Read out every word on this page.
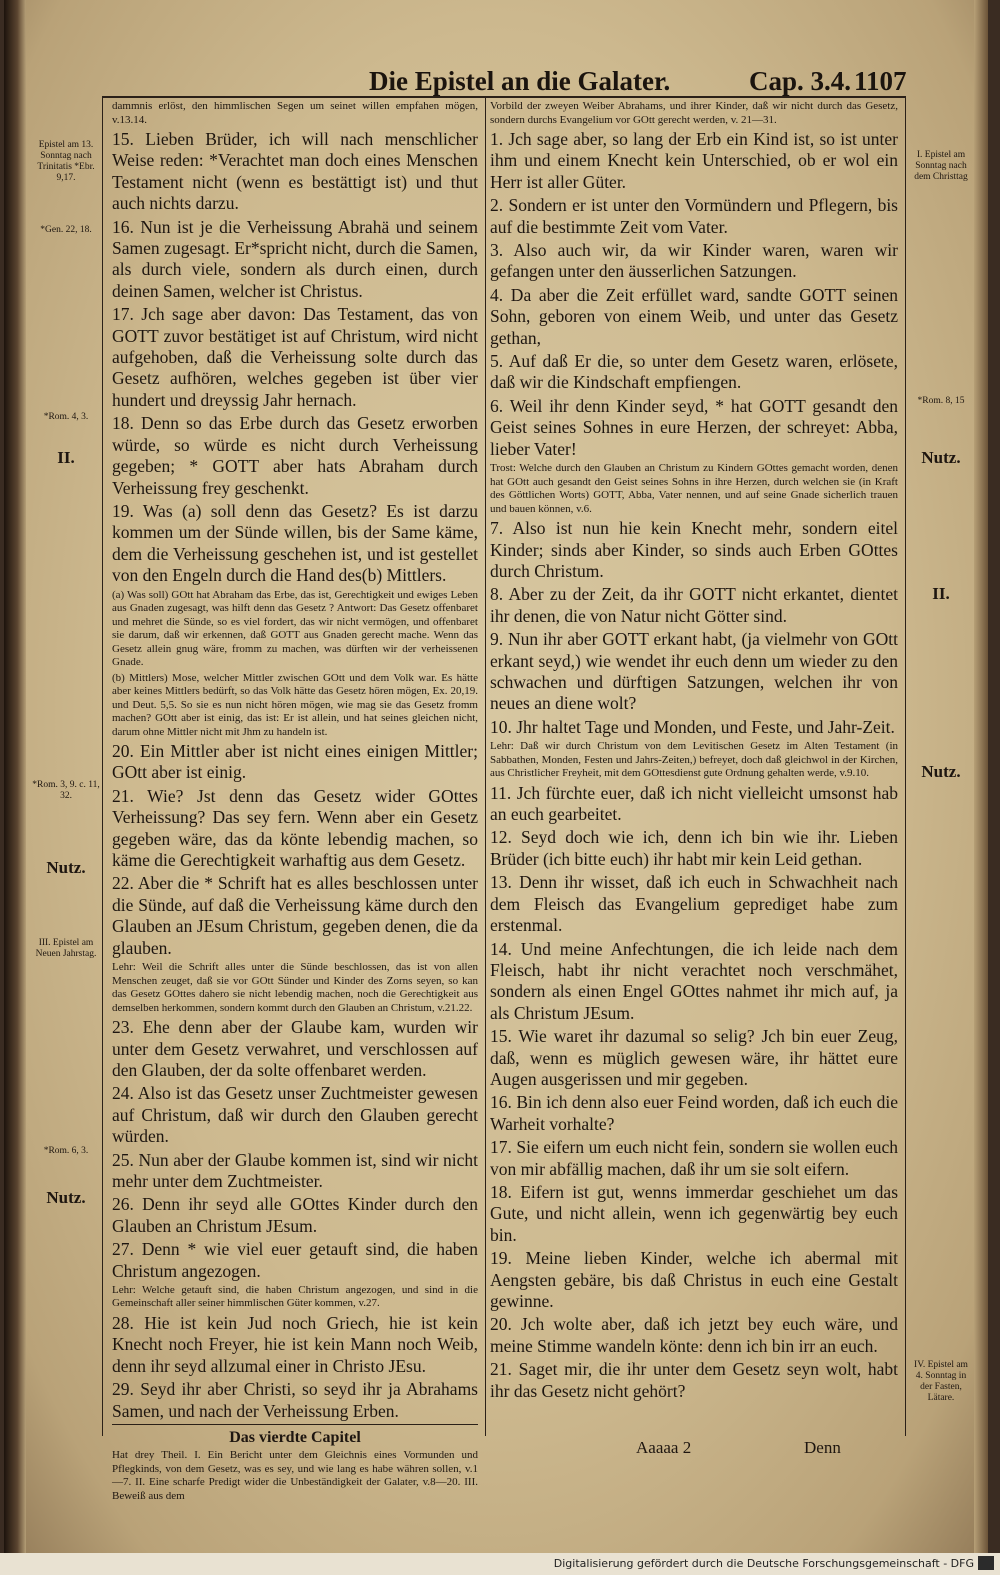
Die Epistel an die Galater.	Cap. 3.4. 1107

dammnis erlöst, den himmlischen Segen um seinet willen empfahen mögen, v.13.14.

15. Lieben Brüder, ich will nach menschlicher Weise reden: *Verachtet man doch eines Menschen Testament nicht (wenn es bestättigt ist) und thut auch nichts darzu.

16. Nun ist je die Verheissung Abrahä und seinem Samen zugesagt. Er*spricht nicht, durch die Samen, als durch viele, sondern als durch einen, durch deinen Samen, welcher ist Christus.

17. Jch sage aber davon: Das Testament, das von GOTT zuvor bestätiget ist auf Christum, wird nicht aufgehoben, daß die Verheissung solte durch das Gesetz aufhören, welches gegeben ist über vier hundert und dreyssig Jahr hernach.

18. Denn so das Erbe durch das Gesetz erworben würde, so würde es nicht durch Verheissung gegeben; * GOTT aber hats Abraham durch Verheissung frey geschenkt.

19. Was (a) soll denn das Gesetz? Es ist darzu kommen um der Sünde willen, bis der Same käme, dem die Verheissung geschehen ist, und ist gestellet von den Engeln durch die Hand des(b) Mittlers.

(a) Was soll) GOtt hat Abraham das Erbe, das ist, Gerechtigkeit und ewiges Leben aus Gnaden zugesagt, was hilft denn das Gesetz ? Antwort: Das Gesetz offenbaret und mehret die Sünde, so es viel fordert, das wir nicht vermögen, und offenbaret sie darum, daß wir erkennen, daß GOTT aus Gnaden gerecht mache. Wenn das Gesetz allein gnug wäre, fromm zu machen, was dürften wir der verheissenen Gnade.

(b) Mittlers) Mose, welcher Mittler zwischen GOtt und dem Volk war. Es hätte aber keines Mittlers bedürft, so das Volk hätte das Gesetz hören mögen, Ex. 20,19. und Deut. 5,5. So sie es nun nicht hören mögen, wie mag sie das Gesetz fromm machen? GOtt aber ist einig, das ist: Er ist allein, und hat seines gleichen nicht, darum ohne Mittler nicht mit Jhm zu handeln ist.

20. Ein Mittler aber ist nicht eines einigen Mittler; GOtt aber ist einig.

21. Wie? Jst denn das Gesetz wider GOttes Verheissung? Das sey fern. Wenn aber ein Gesetz gegeben wäre, das da könte lebendig machen, so käme die Gerechtigkeit warhaftig aus dem Gesetz.

22. Aber die * Schrift hat es alles beschlossen unter die Sünde, auf daß die Verheissung käme durch den Glauben an JEsum Christum, gegeben denen, die da glauben.

Lehr: Weil die Schrift alles unter die Sünde beschlossen, das ist von allen Menschen zeuget, daß sie vor GOtt Sünder und Kinder des Zorns seyen, so kan das Gesetz GOttes dahero sie nicht lebendig machen, noch die Gerechtigkeit aus demselben herkommen, sondern kommt durch den Glauben an Christum, v.21.22.

23. Ehe denn aber der Glaube kam, wurden wir unter dem Gesetz verwahret, und verschlossen auf den Glauben, der da solte offenbaret werden.

24. Also ist das Gesetz unser Zuchtmeister gewesen auf Christum, daß wir durch den Glauben gerecht würden.

25. Nun aber der Glaube kommen ist, sind wir nicht mehr unter dem Zuchtmeister.

26. Denn ihr seyd alle GOttes Kinder durch den Glauben an Christum JEsum.

27. Denn * wie viel euer getauft sind, die haben Christum angezogen.

Lehr: Welche getauft sind, die haben Christum angezogen, und sind in die Gemeinschaft aller seiner himmlischen Güter kommen, v.27.

28. Hie ist kein Jud noch Griech, hie ist kein Knecht noch Freyer, hie ist kein Mann noch Weib, denn ihr seyd allzumal einer in Christo JEsu.

29. Seyd ihr aber Christi, so seyd ihr ja Abrahams Samen, und nach der Verheissung Erben.

Das vierdte Capitel

Hat drey Theil. I. Ein Bericht unter dem Gleichnis eines Vormunden und Pflegkinds, von dem Gesetz, was es sey, und wie lang es habe währen sollen, v.1—7. II. Eine scharfe Predigt wider die Unbeständigkeit der Galater, v.8—20. III. Beweiß aus dem

Vorbild der zweyen Weiber Abrahams, und ihrer Kinder, daß wir nicht durch das Gesetz, sondern durchs Evangelium vor GOtt gerecht werden, v. 21—31.

1. Jch sage aber, so lang der Erb ein Kind ist, so ist unter ihm und einem Knecht kein Unterschied, ob er wol ein Herr ist aller Güter.

2. Sondern er ist unter den Vormündern und Pflegern, bis auf die bestimmte Zeit vom Vater.

3. Also auch wir, da wir Kinder waren, waren wir gefangen unter den äusserlichen Satzungen.

4. Da aber die Zeit erfüllet ward, sandte GOTT seinen Sohn, geboren von einem Weib, und unter das Gesetz gethan,

5. Auf daß Er die, so unter dem Gesetz waren, erlösete, daß wir die Kindschaft empfiengen.

6. Weil ihr denn Kinder seyd, * hat GOTT gesandt den Geist seines Sohnes in eure Herzen, der schreyet: Abba, lieber Vater!

Trost: Welche durch den Glauben an Christum zu Kindern GOttes gemacht worden, denen hat GOtt auch gesandt den Geist seines Sohns in ihre Herzen, durch welchen sie (in Kraft des Göttlichen Worts) GOTT, Abba, Vater nennen, und auf seine Gnade sicherlich trauen und bauen können, v.6.

7. Also ist nun hie kein Knecht mehr, sondern eitel Kinder; sinds aber Kinder, so sinds auch Erben GOttes durch Christum.

8. Aber zu der Zeit, da ihr GOTT nicht erkantet, dientet ihr denen, die von Natur nicht Götter sind.

9. Nun ihr aber GOTT erkant habt, (ja vielmehr von GOtt erkant seyd,) wie wendet ihr euch denn um wieder zu den schwachen und dürftigen Satzungen, welchen ihr von neues an diene wolt?

10. Jhr haltet Tage und Monden, und Feste, und Jahr-Zeit.

Lehr: Daß wir durch Christum von dem Levitischen Gesetz im Alten Testament (in Sabbathen, Monden, Festen und Jahrs-Zeiten,) befreyet, doch daß gleichwol in der Kirchen, aus Christlicher Freyheit, mit dem GOttesdienst gute Ordnung gehalten werde, v.9.10.

11. Jch fürchte euer, daß ich nicht vielleicht umsonst hab an euch gearbeitet.

12. Seyd doch wie ich, denn ich bin wie ihr. Lieben Brüder (ich bitte euch) ihr habt mir kein Leid gethan.

13. Denn ihr wisset, daß ich euch in Schwachheit nach dem Fleisch das Evangelium geprediget habe zum erstenmal.

14. Und meine Anfechtungen, die ich leide nach dem Fleisch, habt ihr nicht verachtet noch verschmähet, sondern als einen Engel GOttes nahmet ihr mich auf, ja als Christum JEsum.

15. Wie waret ihr dazumal so selig? Jch bin euer Zeug, daß, wenn es müglich gewesen wäre, ihr hättet eure Augen ausgerissen und mir gegeben.

16. Bin ich denn also euer Feind worden, daß ich euch die Warheit vorhalte?

17. Sie eifern um euch nicht fein, sondern sie wollen euch von mir abfällig machen, daß ihr um sie solt eifern.

18. Eifern ist gut, wenns immerdar geschiehet um das Gute, und nicht allein, wenn ich gegenwärtig bey euch bin.

19. Meine lieben Kinder, welche ich abermal mit Aengsten gebäre, bis daß Christus in euch eine Gestalt gewinne.

20. Jch wolte aber, daß ich jetzt bey euch wäre, und meine Stimme wandeln könte: denn ich bin irr an euch.

21. Saget mir, die ihr unter dem Gesetz seyn wolt, habt ihr das Gesetz nicht gehört?

Epistel am 13. Sonntag nach Trinitatis *Ebr. 9,17.
*Gen. 22, 18.
*Rom. 4, 3.
II.
*Rom. 3, 9. c. 11, 32.
Nutz.
III. Epistel am Neuen Jahrstag.
*Rom. 6, 3.
Nutz.
I. Epistel am Sonntag nach dem Christtag
*Rom. 8, 15
Nutz.
II.
Nutz.
IV. Epistel am 4. Sonntag in der Fasten, Lätare.
Aaaaa 2	Denn
Digitalisierung gefördert durch die Deutsche Forschungsgemeinschaft - DFG
